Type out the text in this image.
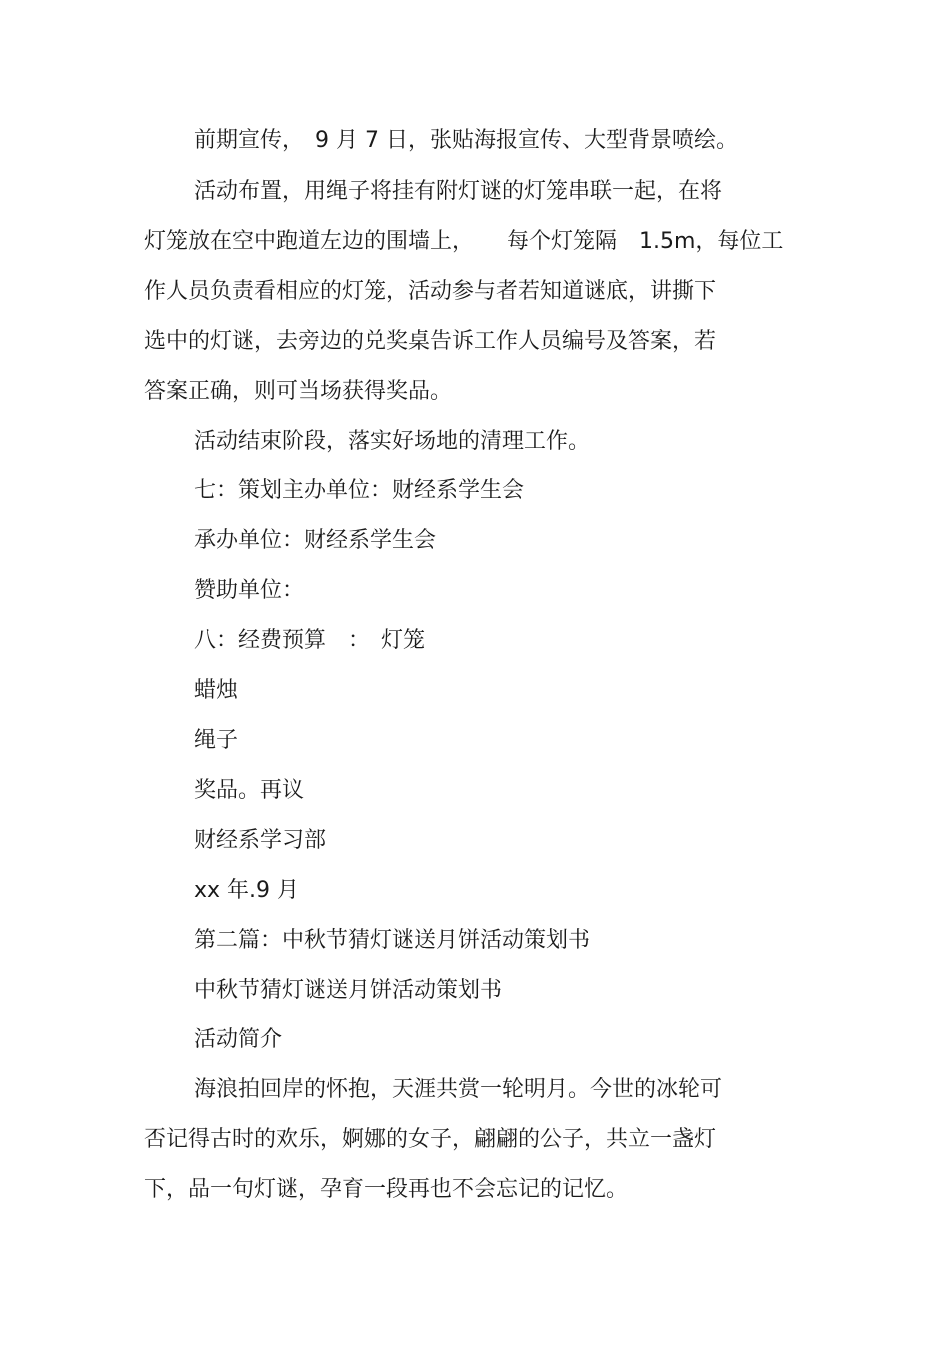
前期宣传，　9 月 7 日，张贴海报宣传、大型背景喷绘。
活动布置，用绳子将挂有附灯谜的灯笼串联一起，在将
灯笼放在空中跑道左边的围墙上，　　每个灯笼隔　1.5m，每位工
作人员负责看相应的灯笼，活动参与者若知道谜底，讲撕下
选中的灯谜，去旁边的兑奖桌告诉工作人员编号及答案，若
答案正确，则可当场获得奖品。
活动结束阶段，落实好场地的清理工作。
七：策划主办单位：财经系学生会
承办单位：财经系学生会
赞助单位：
八：经费预算　：　灯笼
蜡烛
绳子
奖品。再议
财经系学习部
xx 年.9 月
第二篇：中秋节猜灯谜送月饼活动策划书
中秋节猜灯谜送月饼活动策划书
活动简介
海浪拍回岸的怀抱，天涯共赏一轮明月。今世的冰轮可
否记得古时的欢乐，婀娜的女子，翩翩的公子，共立一盏灯
下，品一句灯谜，孕育一段再也不会忘记的记忆。
